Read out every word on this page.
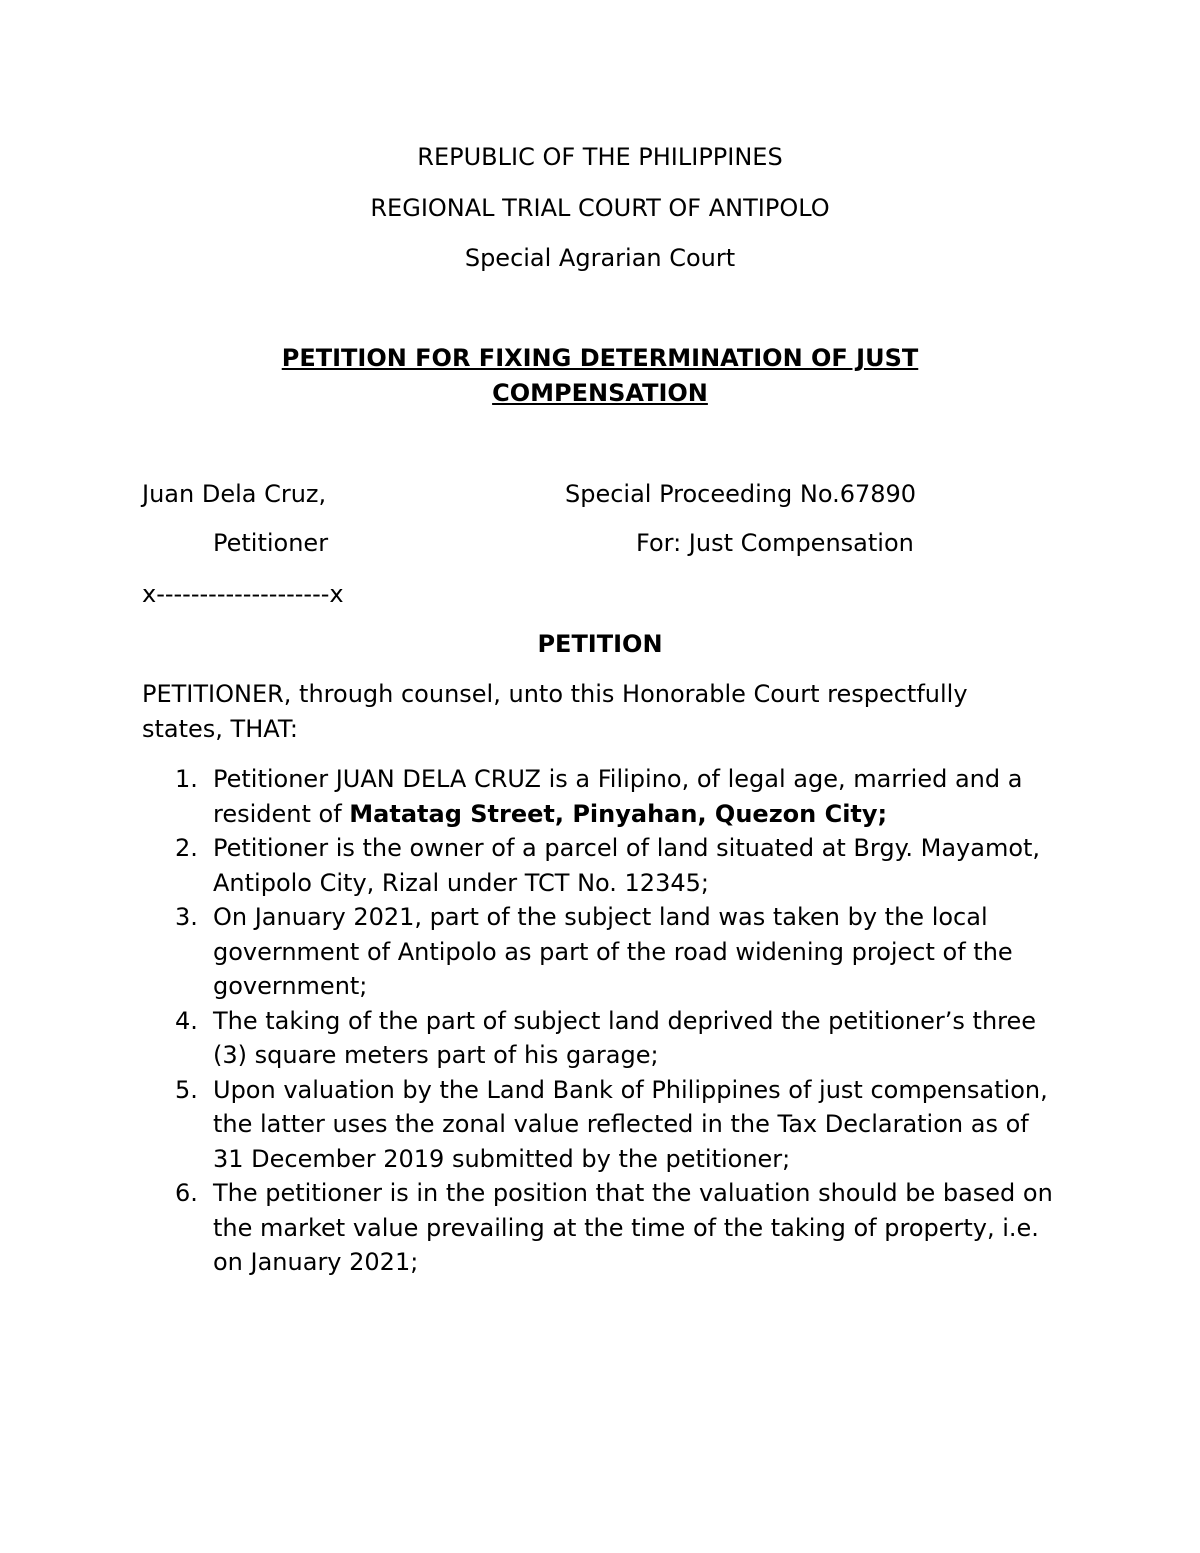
REPUBLIC OF THE PHILIPPINES
REGIONAL TRIAL COURT OF ANTIPOLO
Special Agrarian Court
PETITION FOR FIXING DETERMINATION OF JUST COMPENSATION
Juan Dela Cruz,
Petitioner
Special Proceeding No.67890
For: Just Compensation
x--------------------x
PETITION
PETITIONER, through counsel, unto this Honorable Court respectfully states, THAT:
1. Petitioner JUAN DELA CRUZ is a Filipino, of legal age, married and a resident of Matatag Street, Pinyahan, Quezon City;
2. Petitioner is the owner of a parcel of land situated at Brgy. Mayamot, Antipolo City, Rizal under TCT No. 12345;
3. On January 2021, part of the subject land was taken by the local government of Antipolo as part of the road widening project of the government;
4. The taking of the part of subject land deprived the petitioner’s three (3) square meters part of his garage;
5. Upon valuation by the Land Bank of Philippines of just compensation, the latter uses the zonal value reflected in the Tax Declaration as of 31 December 2019 submitted by the petitioner;
6. The petitioner is in the position that the valuation should be based on the market value prevailing at the time of the taking of property, i.e. on January 2021;
